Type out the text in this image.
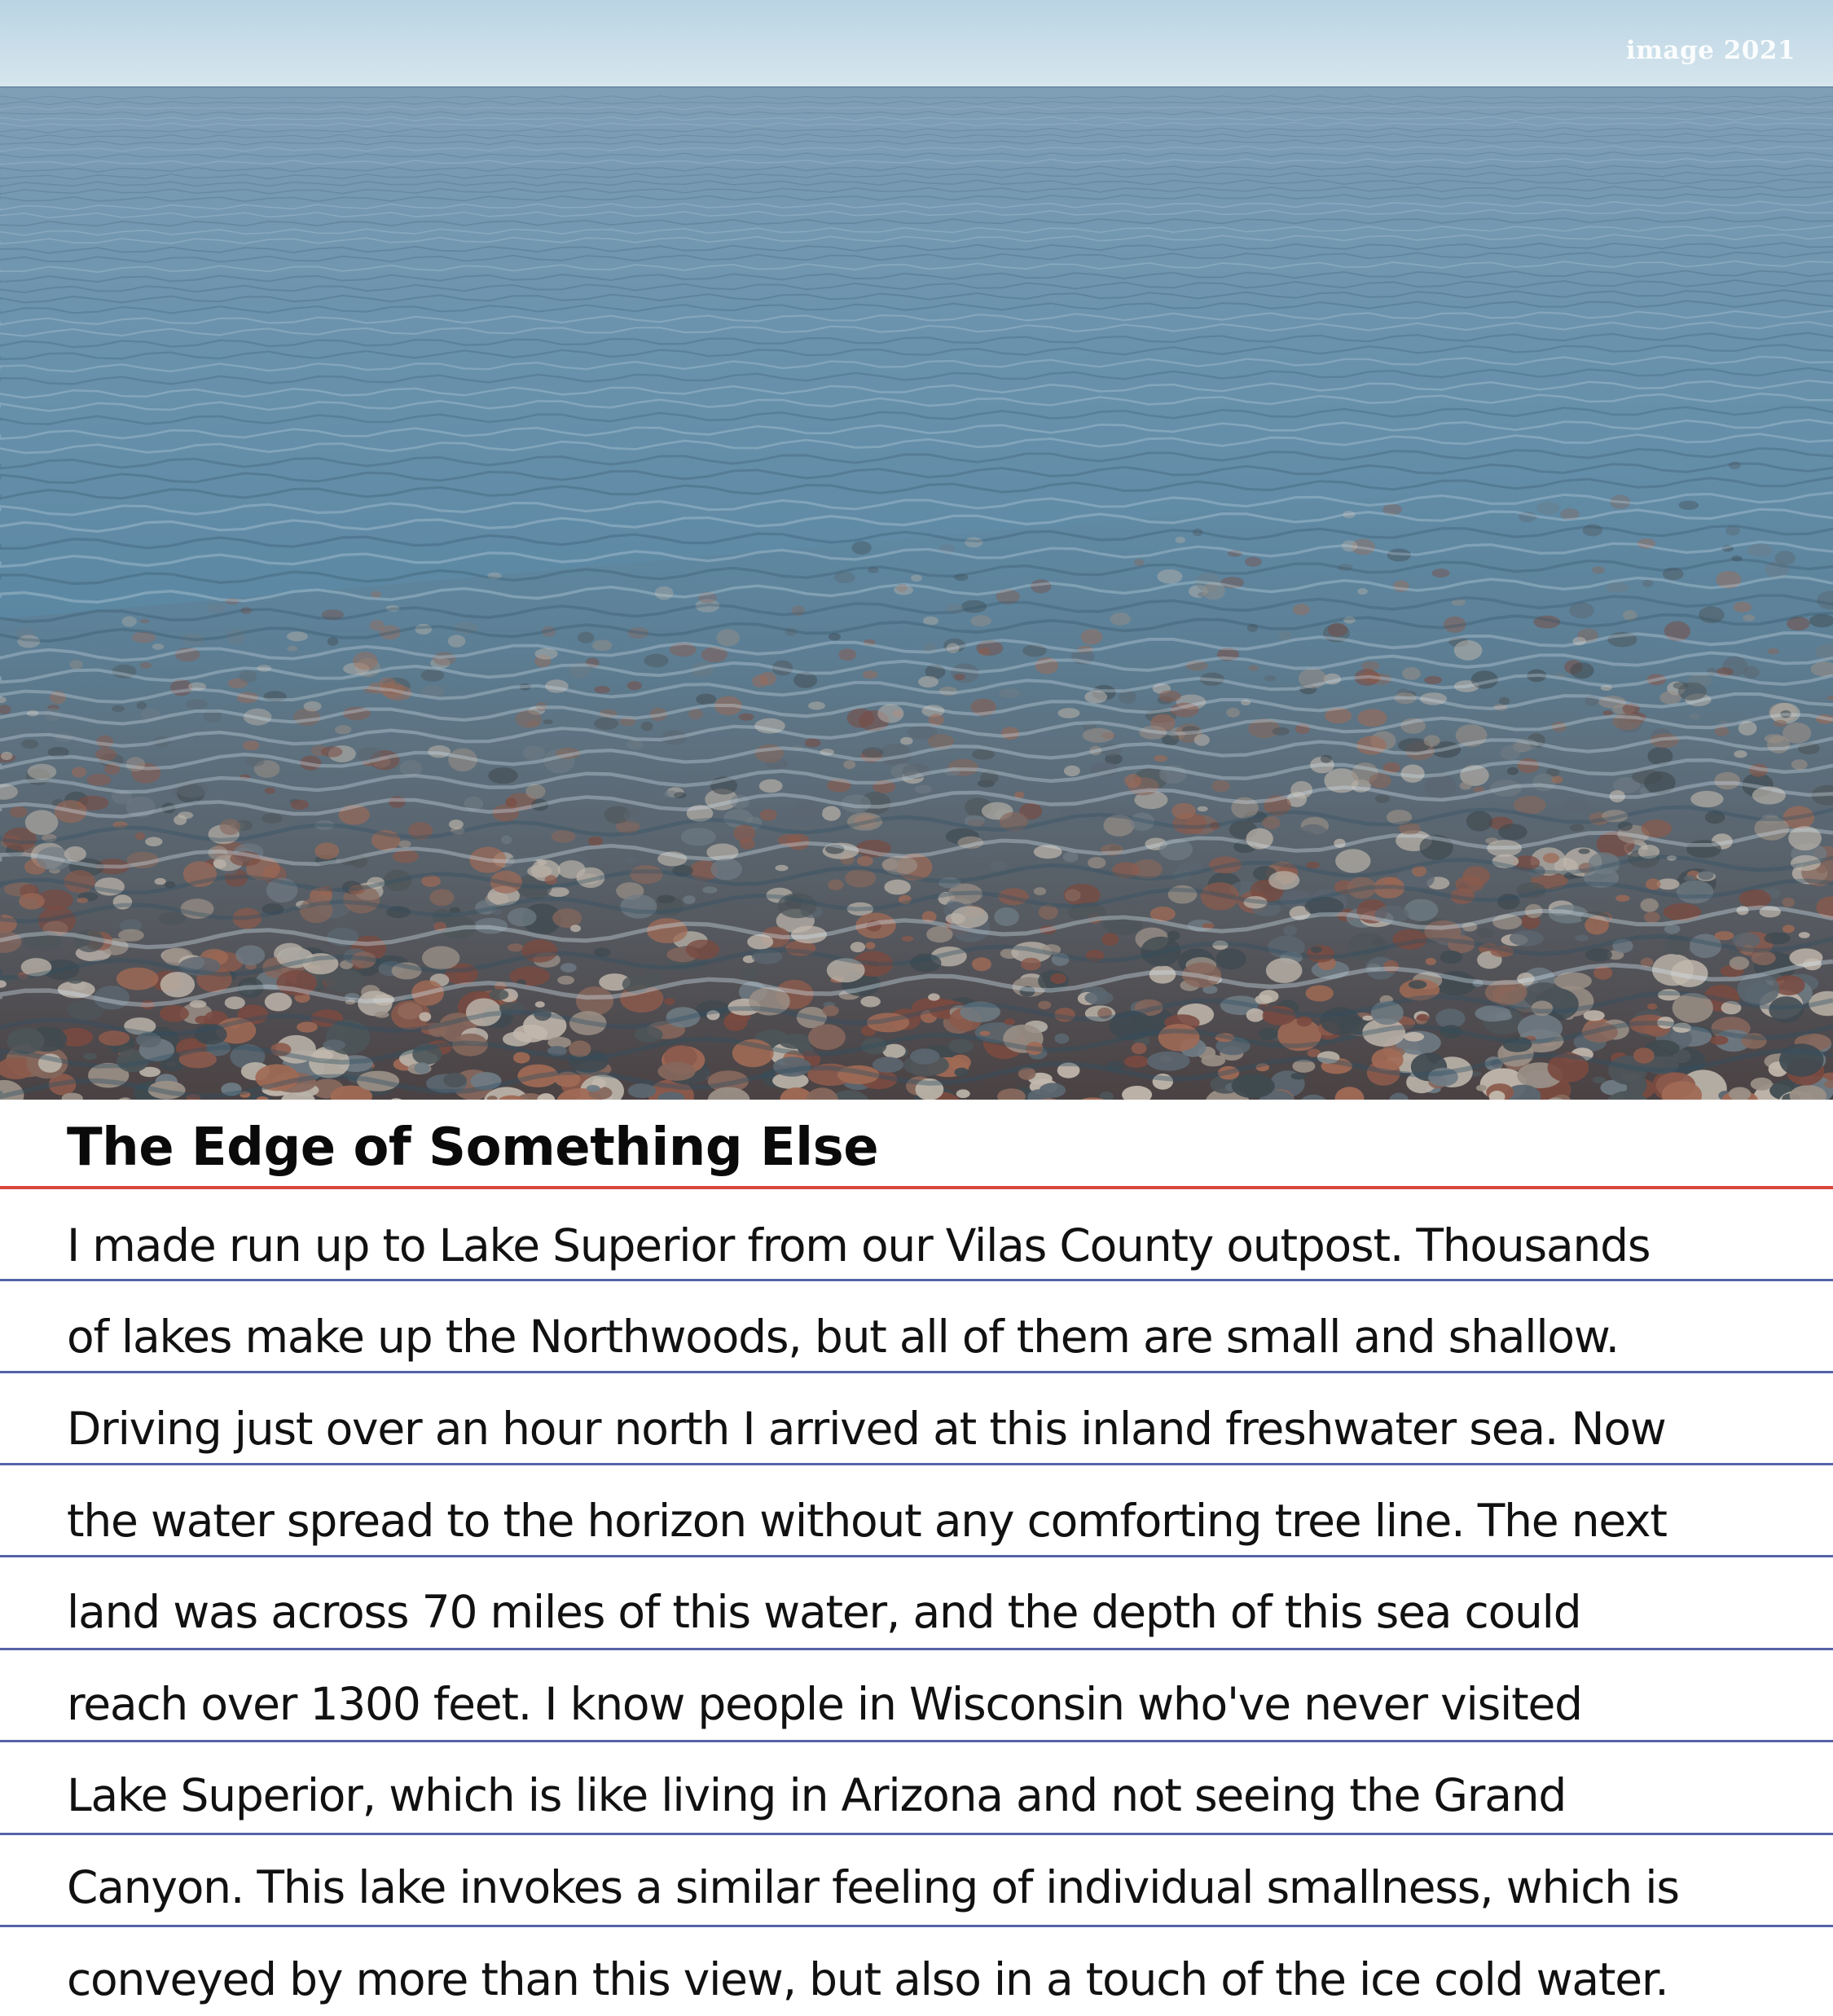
image 2021
The Edge of Something Else
I made run up to Lake Superior from our Vilas County outpost. Thousands
of lakes make up the Northwoods, but all of them are small and shallow.
Driving just over an hour north I arrived at this inland freshwater sea. Now
the water spread to the horizon without any comforting tree line. The next
land was across 70 miles of this water, and the depth of this sea could
reach over 1300 feet. I know people in Wisconsin who've never visited
Lake Superior, which is like living in Arizona and not seeing the Grand
Canyon. This lake invokes a similar feeling of individual smallness, which is
conveyed by more than this view, but also in a touch of the ice cold water.
